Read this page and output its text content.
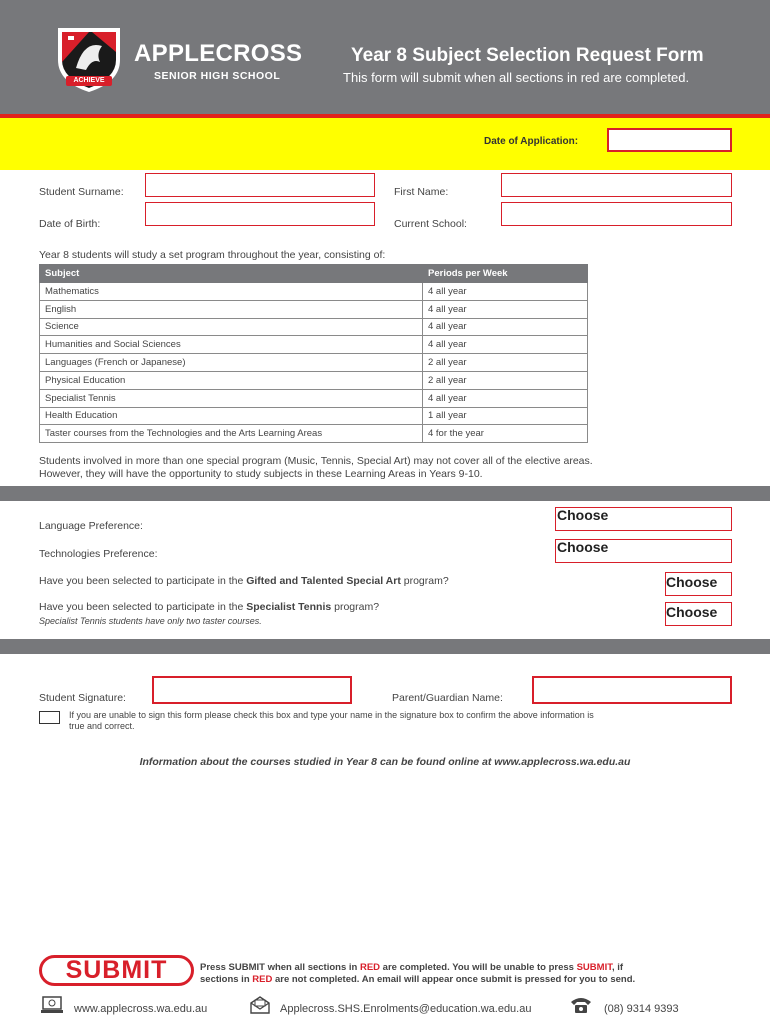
ACHIEVE
APPLECROSS
SENIOR HIGH SCHOOL
Year 8 Subject Selection Request Form
This form will submit when all sections in red are completed.
Date of Application:
Student Surname:	First Name:
Date of Birth:	Current School:
Year 8 students will study a set program throughout the year, consisting of:
Subject	Periods per Week
Mathematics	4 all year
English	4 all year
Science	4 all year
Humanities and Social Sciences	4 all year
Languages (French or Japanese)	2 all year
Physical Education	2 all year
Specialist Tennis	4 all year
Health Education	1 all year
Taster courses from the Technologies and the Arts Learning Areas	4 for the year
Students involved in more than one special program (Music, Tennis, Special Art) may not cover all of the elective areas.
However, they will have the opportunity to study subjects in these Learning Areas in Years 9-10.
Language Preference:
Choose
Technologies Preference:	Choose
Have you been selected to participate in the Gifted and Talented Special Art program?	Choose
Have you been selected to participate in the Specialist Tennis program?
Specialist Tennis students have only two taster courses.
Choose
Student Signature:	Parent/Guardian Name:
If you are unable to sign this form please check this box and type your name in the signature box to confirm the above information is
true and correct.
Information about the courses studied in Year 8 can be found online at www.applecross.wa.edu.au
SUBMIT	Press SUBMIT when all sections in RED are completed. You will be unable to press SUBMIT, if
sections in RED are not completed. An email will appear once submit is pressed for you to send.
www.applecross.wa.edu.au	Applecross.SHS.Enrolments@education.wa.edu.au	(08) 9314 9393
